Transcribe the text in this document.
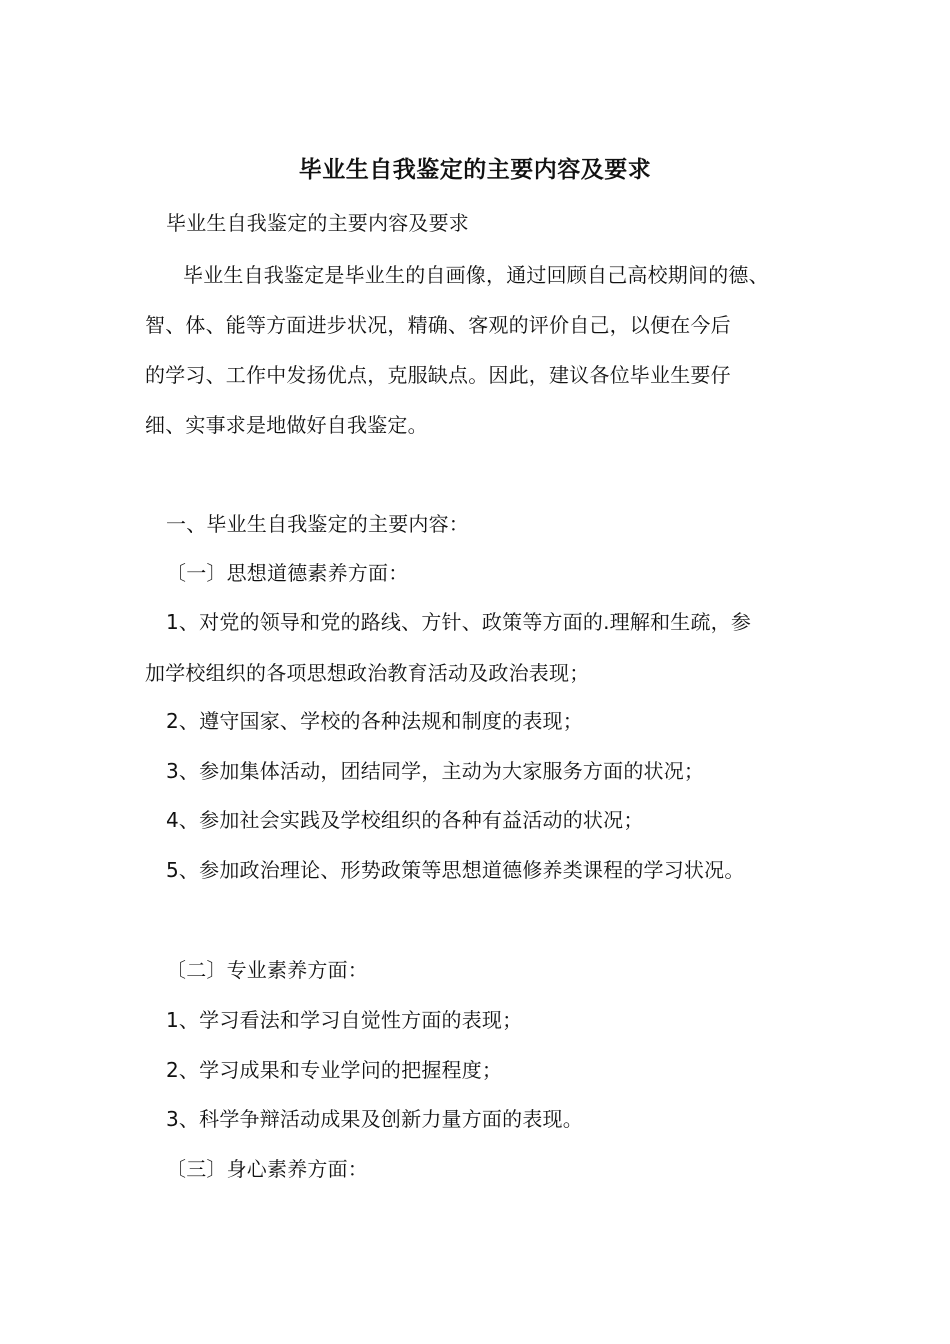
毕业生自我鉴定的主要内容及要求
毕业生自我鉴定的主要内容及要求
毕业生自我鉴定是毕业生的自画像，通过回顾自己高校期间的德、
智、体、能等方面进步状况，精确、客观的评价自己，以便在今后
的学习、工作中发扬优点，克服缺点。因此，建议各位毕业生要仔
细、实事求是地做好自我鉴定。
一、毕业生自我鉴定的主要内容：
〔一〕思想道德素养方面：
1、对党的领导和党的路线、方针、政策等方面的.理解和生疏，参
加学校组织的各项思想政治教育活动及政治表现；
2、遵守国家、学校的各种法规和制度的表现；
3、参加集体活动，团结同学，主动为大家服务方面的状况；
4、参加社会实践及学校组织的各种有益活动的状况；
5、参加政治理论、形势政策等思想道德修养类课程的学习状况。
〔二〕专业素养方面：
1、学习看法和学习自觉性方面的表现；
2、学习成果和专业学问的把握程度；
3、科学争辩活动成果及创新力量方面的表现。
〔三〕身心素养方面：
